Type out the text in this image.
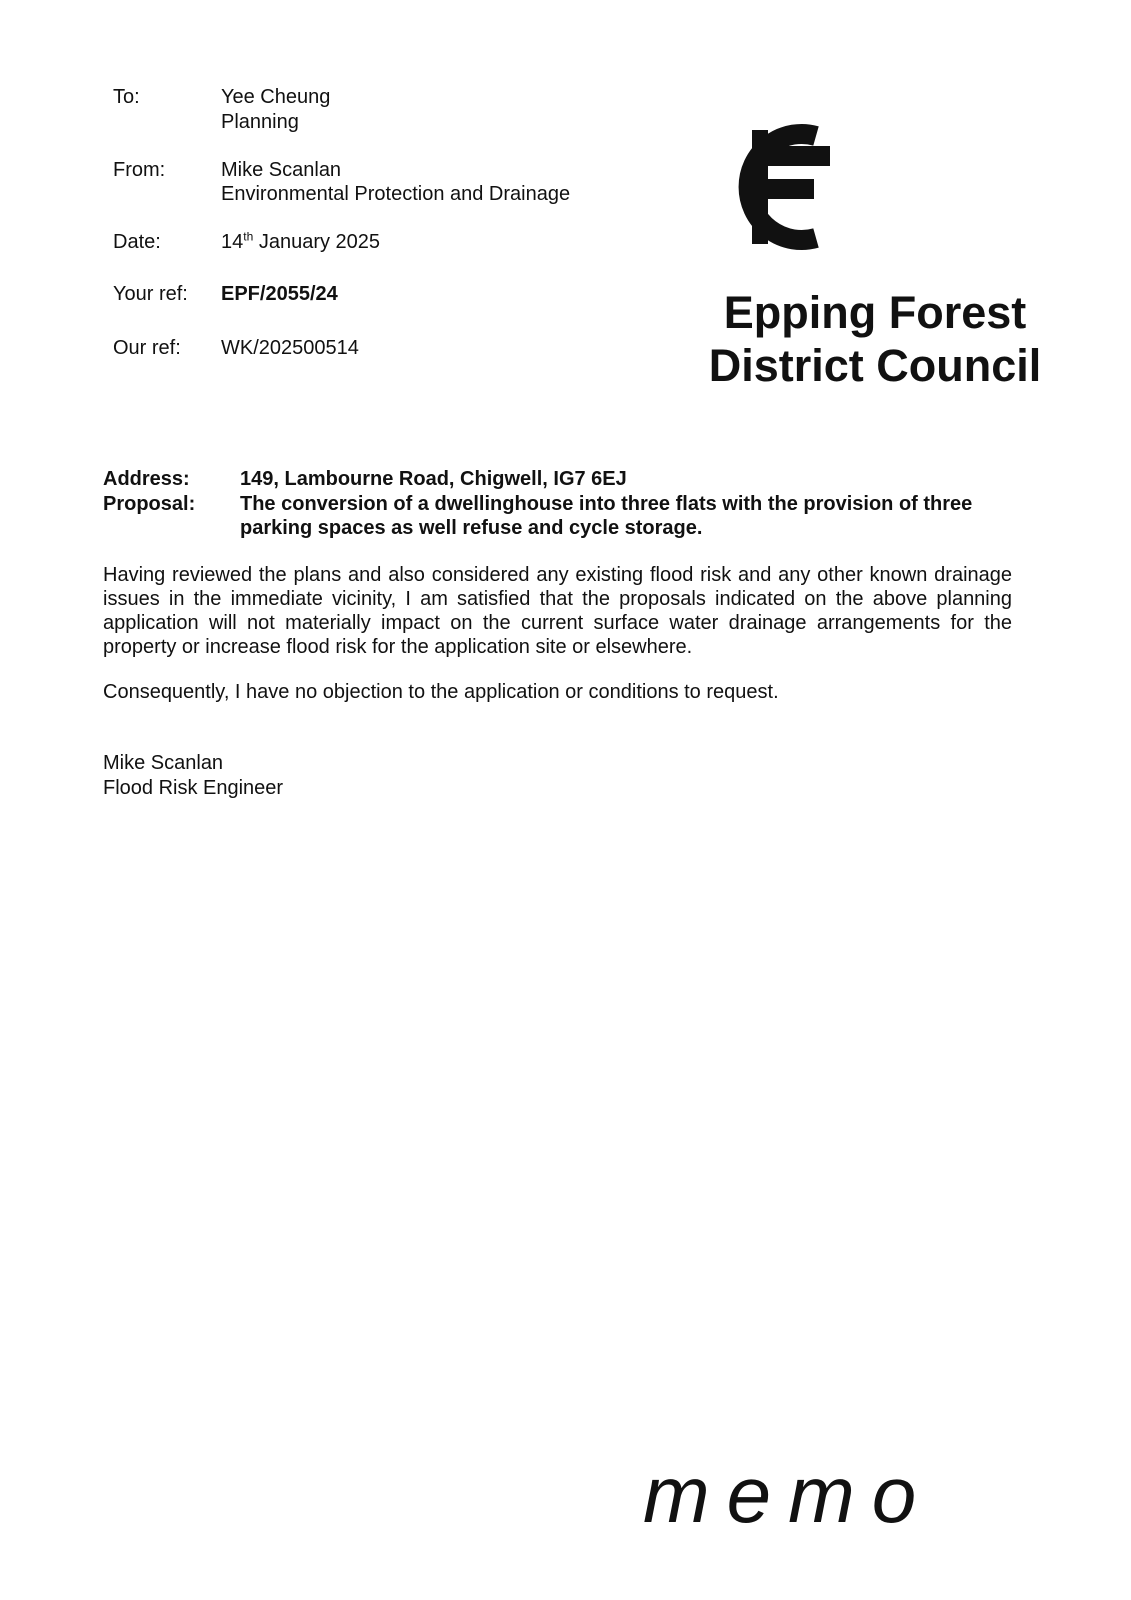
To:	Yee Cheung
Planning
From:	Mike Scanlan
Environmental Protection and Drainage
Date:	14th January 2025
Your ref: EPF/2055/24
Our ref: WK/202500514
Epping Forest
District Council
Address:	149, Lambourne Road, Chigwell, IG7 6EJ
Proposal: The conversion of a dwellinghouse into three flats with the provision of three
parking spaces as well refuse and cycle storage.
Having reviewed the plans and also considered any existing flood risk and any other known drainage issues in the immediate vicinity, I am satisfied that the proposals indicated on the above planning application will not materially impact on the current surface water drainage arrangements for the property or increase flood risk for the application site or elsewhere.
Consequently, I have no objection to the application or conditions to request.
Mike Scanlan
Flood Risk Engineer
memo
